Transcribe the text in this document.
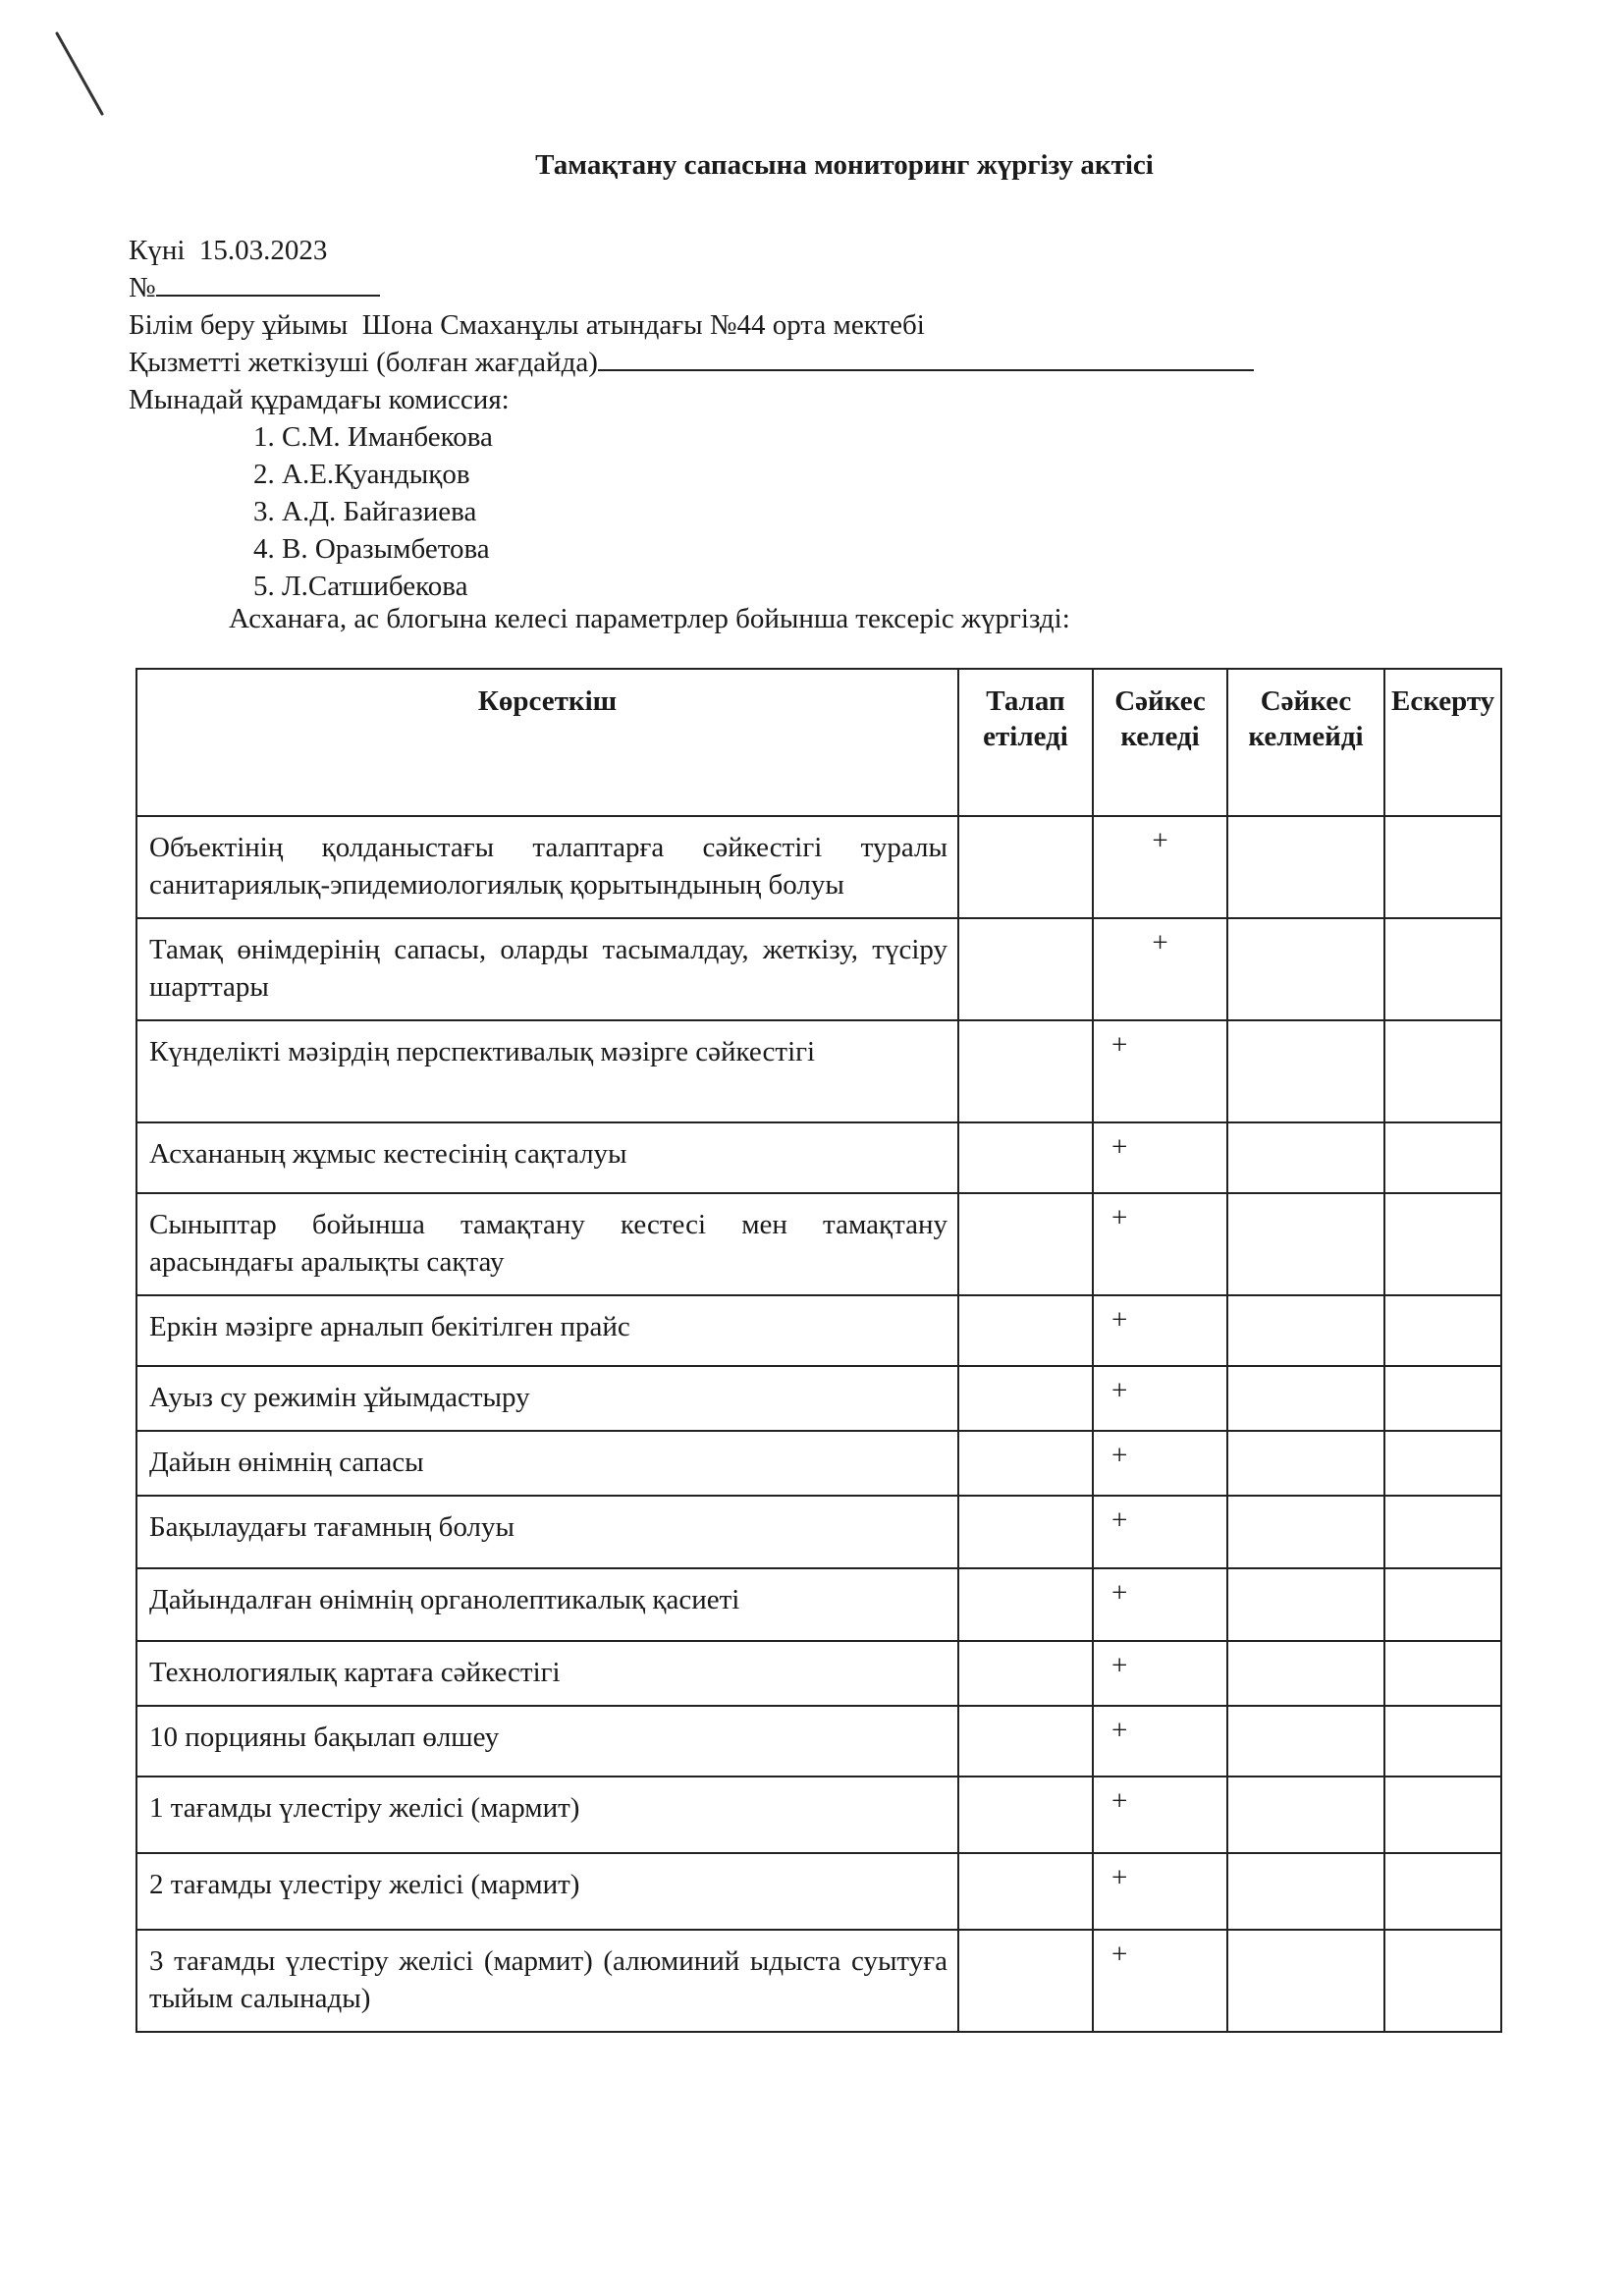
Тамақтану сапасына мониторинг жүргізу актісі
Күні 15.03.2023
№
Білім беру ұйымы Шона Смаханұлы атындағы №44 орта мектебі
Қызметті жеткізуші (болған жағдайда)
Мынадай құрамдағы комиссия:
1. С.М. Иманбекова
2. А.Е.Қуандықов
3. А.Д. Байгазиева
4. В. Оразымбетова
5. Л.Сатшибекова
Асханаға, ас блогына келесі параметрлер бойынша тексеріс жүргізді:
Көрсеткіш	Талап етіледі	Сәйкес келеді	Сәйкес келмейді	Ескерту
Объектінің қолданыстағы талаптарға сәйкестігі туралы санитариялық-эпидемиологиялық қорытындының болуы		+		
Тамақ өнімдерінің сапасы, оларды тасымалдау, жеткізу, түсіру шарттары		+		
Күнделікті мәзірдің перспективалық мәзірге сәйкестігі		+		
Асхананың жұмыс кестесінің сақталуы		+		
Сыныптар бойынша тамақтану кестесі мен тамақтану арасындағы аралықты сақтау		+		
Еркін мәзірге арналып бекітілген прайс		+		
Ауыз су режимін ұйымдастыру		+		
Дайын өнімнің сапасы		+		
Бақылаудағы тағамның болуы		+		
Дайындалған өнімнің органолептикалық қасиеті		+		
Технологиялық картаға сәйкестігі		+		
10 порцияны бақылап өлшеу		+		
1 тағамды үлестіру желісі (мармит)		+		
2 тағамды үлестіру желісі (мармит)		+		
3 тағамды үлестіру желісі (мармит) (алюминий ыдыста суытуға тыйым салынады)		+		
